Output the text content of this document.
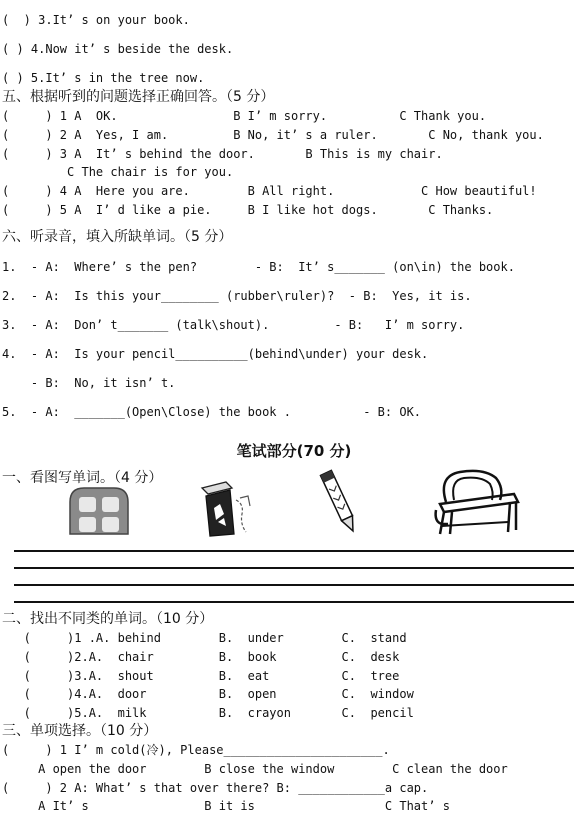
(  ) 3.It’ s on your book.
( ) 4.Now it’ s beside the desk.
( ) 5.It’ s in the tree now.
五、根据听到的问题选择正确回答。（5 分）
(     ) 1 A  OK.                B I’ m sorry.          C Thank you.
(     ) 2 A  Yes, I am.         B No, it’ s a ruler.       C No, thank you.
(     ) 3 A  It’ s behind the door.       B This is my chair.
C The chair is for you.
(     ) 4 A  Here you are.        B All right.            C How beautiful!
(     ) 5 A  I’ d like a pie.     B I like hot dogs.       C Thanks.
六、听录音，填入所缺单词。（5 分）
1.  - A:  Where’ s the pen?        - B:  It’ s_______ (on\in) the book.
2.  - A:  Is this your________ (rubber\ruler)?  - B:  Yes, it is.
3.  - A:  Don’ t_______ (talk\shout).         - B:   I’ m sorry.
4.  - A:  Is your pencil__________(behind\under) your desk.
- B:  No, it isn’ t.
5.  - A:  _______(Open\Close) the book .          - B: OK.
笔试部分(70 分)
一、看图写单词。（4 分）
二、找出不同类的单词。（10 分）
(     )1 .A. behind        B.  under        C.  stand
(     )2.A.  chair         B.  book         C.  desk
(     )3.A.  shout         B.  eat          C.  tree
(     )4.A.  door          B.  open         C.  window
(     )5.A.  milk          B.  crayon       C.  pencil
三、单项选择。（10 分）
(     ) 1 I’ m cold(冷), Please______________________.
A open the door        B close the window        C clean the door
(     ) 2 A: What’ s that over there? B: ____________a cap.
A It’ s                B it is                  C That’ s
